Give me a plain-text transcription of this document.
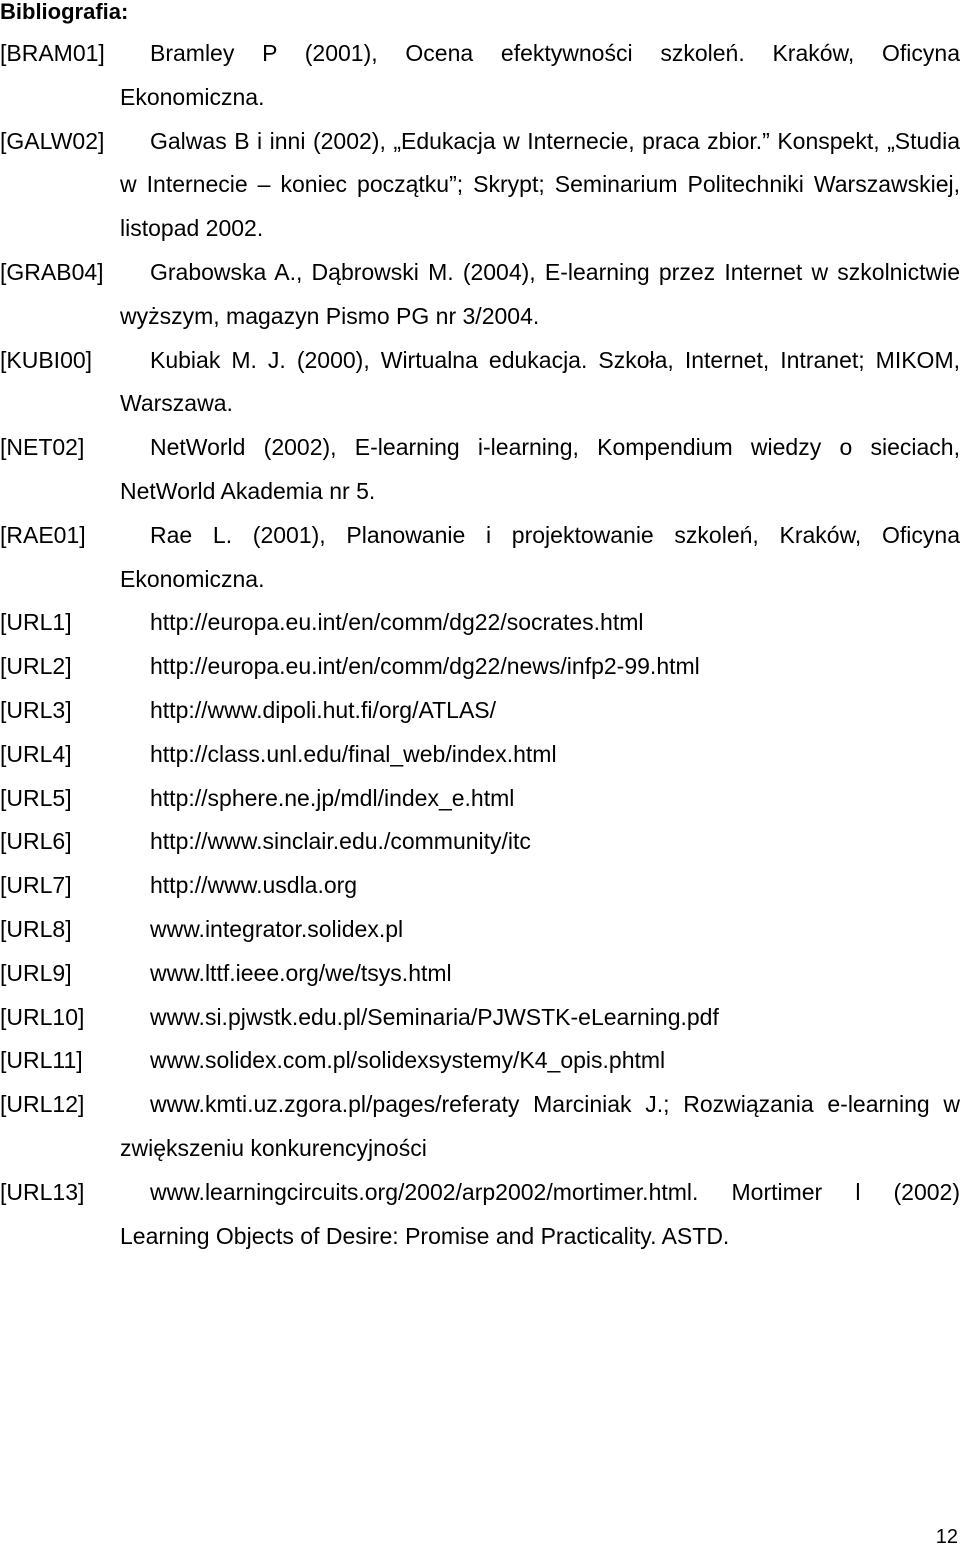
Bibliografia:
[BRAM01]	Bramley P (2001), Ocena efektywności szkoleń. Kraków, Oficyna Ekonomiczna.
[GALW02]	Galwas B i inni (2002), „Edukacja w Internecie, praca zbior.” Konspekt, „Studia w Internecie – koniec początku”; Skrypt; Seminarium Politechniki Warszawskiej, listopad 2002.
[GRAB04]	Grabowska A., Dąbrowski M. (2004), E-learning przez Internet w szkolnictwie wyższym, magazyn Pismo PG nr 3/2004.
[KUBI00]	Kubiak M. J. (2000), Wirtualna edukacja. Szkoła, Internet, Intranet; MIKOM, Warszawa.
[NET02]	NetWorld (2002), E-learning i-learning, Kompendium wiedzy o sieciach, NetWorld Akademia nr 5.
[RAE01]	Rae L. (2001), Planowanie i projektowanie szkoleń, Kraków, Oficyna Ekonomiczna.
[URL1]	http://europa.eu.int/en/comm/dg22/socrates.html
[URL2]	http://europa.eu.int/en/comm/dg22/news/infp2-99.html
[URL3]	http://www.dipoli.hut.fi/org/ATLAS/
[URL4]	http://class.unl.edu/final_web/index.html
[URL5]	http://sphere.ne.jp/mdl/index_e.html
[URL6]	http://www.sinclair.edu./community/itc
[URL7]	http://www.usdla.org
[URL8]	www.integrator.solidex.pl
[URL9]	www.lttf.ieee.org/we/tsys.html
[URL10]	www.si.pjwstk.edu.pl/Seminaria/PJWSTK-eLearning.pdf
[URL11]	www.solidex.com.pl/solidexsystemy/K4_opis.phtml
[URL12]	www.kmti.uz.zgora.pl/pages/referaty Marciniak J.; Rozwiązania e-learning w zwiększeniu konkurencyjności
[URL13]	www.learningcircuits.org/2002/arp2002/mortimer.html. Mortimer l (2002) Learning Objects of Desire: Promise and Practicality. ASTD.
12
